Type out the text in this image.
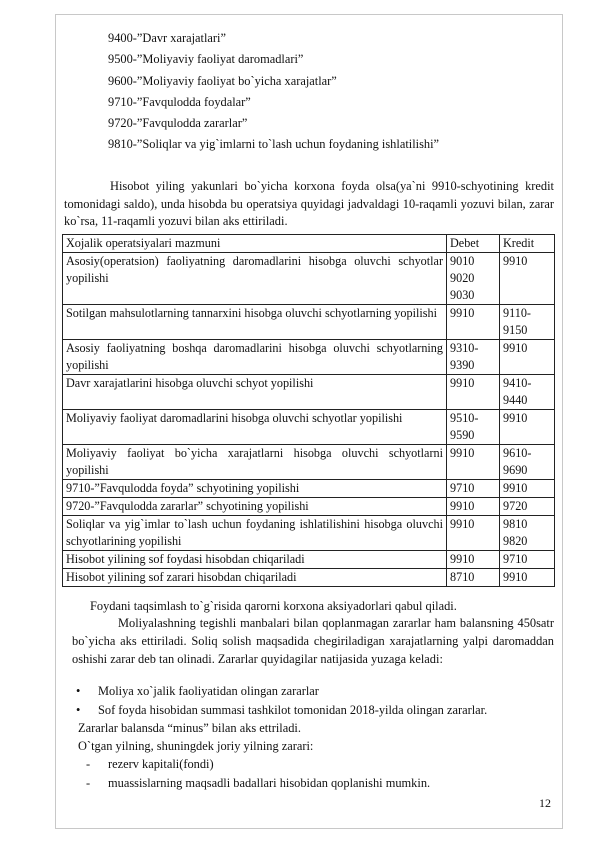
9400-”Davr xarajatlari”
9500-”Moliyaviy faoliyat daromadlari”
9600-”Moliyaviy faoliyat bo`yicha xarajatlar”
9710-”Favqulodda foydalar”
9720-”Favqulodda zararlar”
9810-”Soliqlar va yig`imlarni to`lash uchun foydaning ishlatilishi”
Hisobot yiling yakunlari bo`yicha korxona foyda olsa(ya`ni 9910-schyotining kredit tomonidagi saldo), unda hisobda bu operatsiya quyidagi jadvaldagi 10-raqamli yozuvi bilan, zarar ko`rsa, 11-raqamli yozuvi bilan aks ettiriladi.
Xojalik operatsiyalari mazmuni	Debet	Kredit
Asosiy(operatsion) faoliyatning daromadlarini hisobga oluvchi schyotlar yopilishi	9010
9020
9030	9910

Sotilgan mahsulotlarning tannarxini hisobga oluvchi schyotlarning yopilishi	9910	9110-
9150

Asosiy faoliyatning boshqa daromadlarini hisobga oluvchi schyotlarning yopilishi	9310-
9390	9910

Davr xarajatlarini hisobga oluvchi schyot yopilishi	9910	9410-
9440

Moliyaviy faoliyat daromadlarini hisobga oluvchi schyotlar yopilishi	9510-
9590	9910

Moliyaviy faoliyat bo`yicha xarajatlarni hisobga oluvchi schyotlarni yopilishi	9910	9610-
9690

9710-”Favqulodda foyda” schyotining yopilishi	9710	9910

9720-”Favqulodda zararlar” schyotining yopilishi	9910	9720

Soliqlar va yig`imlar to`lash uchun foydaning ishlatilishini hisobga oluvchi schyotlarining yopilishi	9910	9810
9820

Hisobot yilining sof foydasi hisobdan chiqariladi	9910	9710

Hisobot yilining sof zarari hisobdan chiqariladi	8710	9910
Foydani taqsimlash to`g`risida qarorni korxona aksiyadorlari qabul qiladi.
Moliyalashning tegishli manbalari bilan qoplanmagan zararlar ham balansning 450satr bo`yicha aks ettiriladi. Soliq solish maqsadida chegiriladigan xarajatlarning yalpi daromaddan oshishi zarar deb tan olinadi. Zararlar quyidagilar natijasida yuzaga keladi:
• Moliya xo`jalik faoliyatidan olingan zararlar
• Sof foyda hisobidan summasi tashkilot tomonidan 2018-yilda olingan zararlar.
Zararlar balansda “minus” bilan aks ettriladi.
O`tgan yilning, shuningdek joriy yilning zarari:
- rezerv kapitali(fondi)
- muassislarning maqsadli badallari hisobidan qoplanishi mumkin.
12
